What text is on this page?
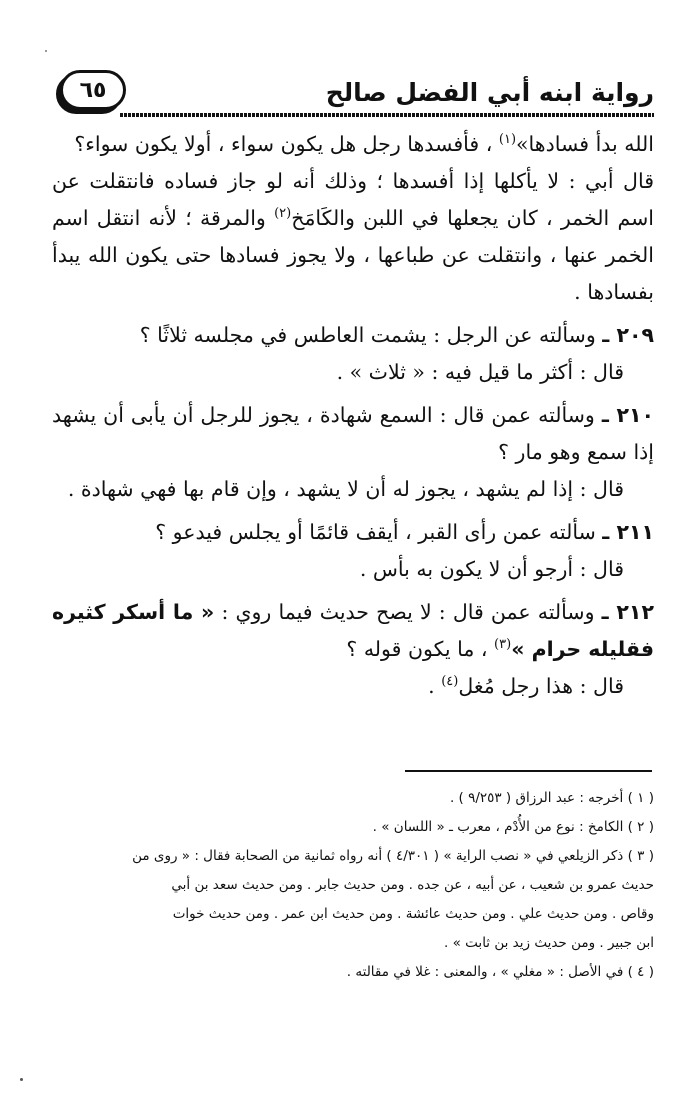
رواية ابنه أبي الفضل صالح
٦٥

الله بدأ فسادها»$^{(١)}$ ، فأفسدها رجل هل يكون سواء ، أولا يكون سواء؟

قال أبي : لا يأكلها إذا أفسدها ؛ وذلك أنه لو جاز فساده فانتقلت عن اسم الخمر ، كان يجعلها في اللبن والكَامَخ$^{(٢)}$ والمرقة ؛ لأنه انتقل اسم الخمر عنها ، وانتقلت عن طباعها ، ولا يجوز فسادها حتى يكون الله يبدأ بفسادها .

٢٠٩ ـ وسألته عن الرجل : يشمت العاطس في مجلسه ثلاثًا ؟

قال : أكثر ما قيل فيه : « ثلاث » .

٢١٠ ـ وسألته عمن قال : السمع شهادة ، يجوز للرجل أن يأبى أن يشهد إذا سمع وهو مار ؟

قال : إذا لم يشهد ، يجوز له أن لا يشهد ، وإن قام بها فهي شهادة .

٢١١ ـ سألته عمن رأى القبر ، أيقف قائمًا أو يجلس فيدعو ؟

قال : أرجو أن لا يكون به بأس .

٢١٢ ـ وسألته عمن قال : لا يصح حديث فيما روي : « ما أسكر كثيره فقليله حرام »$^{(٣)}$ ، ما يكون قوله ؟

قال : هذا رجل مُغل$^{(٤)}$ .

( ١ ) أخرجه : عبد الرزاق ( ٩/٢٥٣ ) .

( ٢ ) الكامخ : نوع من الأُدْم ، معرب ـ « اللسان » .

( ٣ ) ذكر الزيلعي في « نصب الراية » ( ٤/٣٠١ ) أنه رواه ثمانية من الصحابة فقال : « روى من

حديث عمرو بن شعيب ، عن أبيه ، عن جده . ومن حديث جابر . ومن حديث سعد بن أبي

وقاص . ومن حديث علي . ومن حديث عائشة . ومن حديث ابن عمر . ومن حديث خوات

ابن جبير . ومن حديث زيد بن ثابت » .

( ٤ ) في الأصل : « مغلي » ، والمعنى : غلا في مقالته .
